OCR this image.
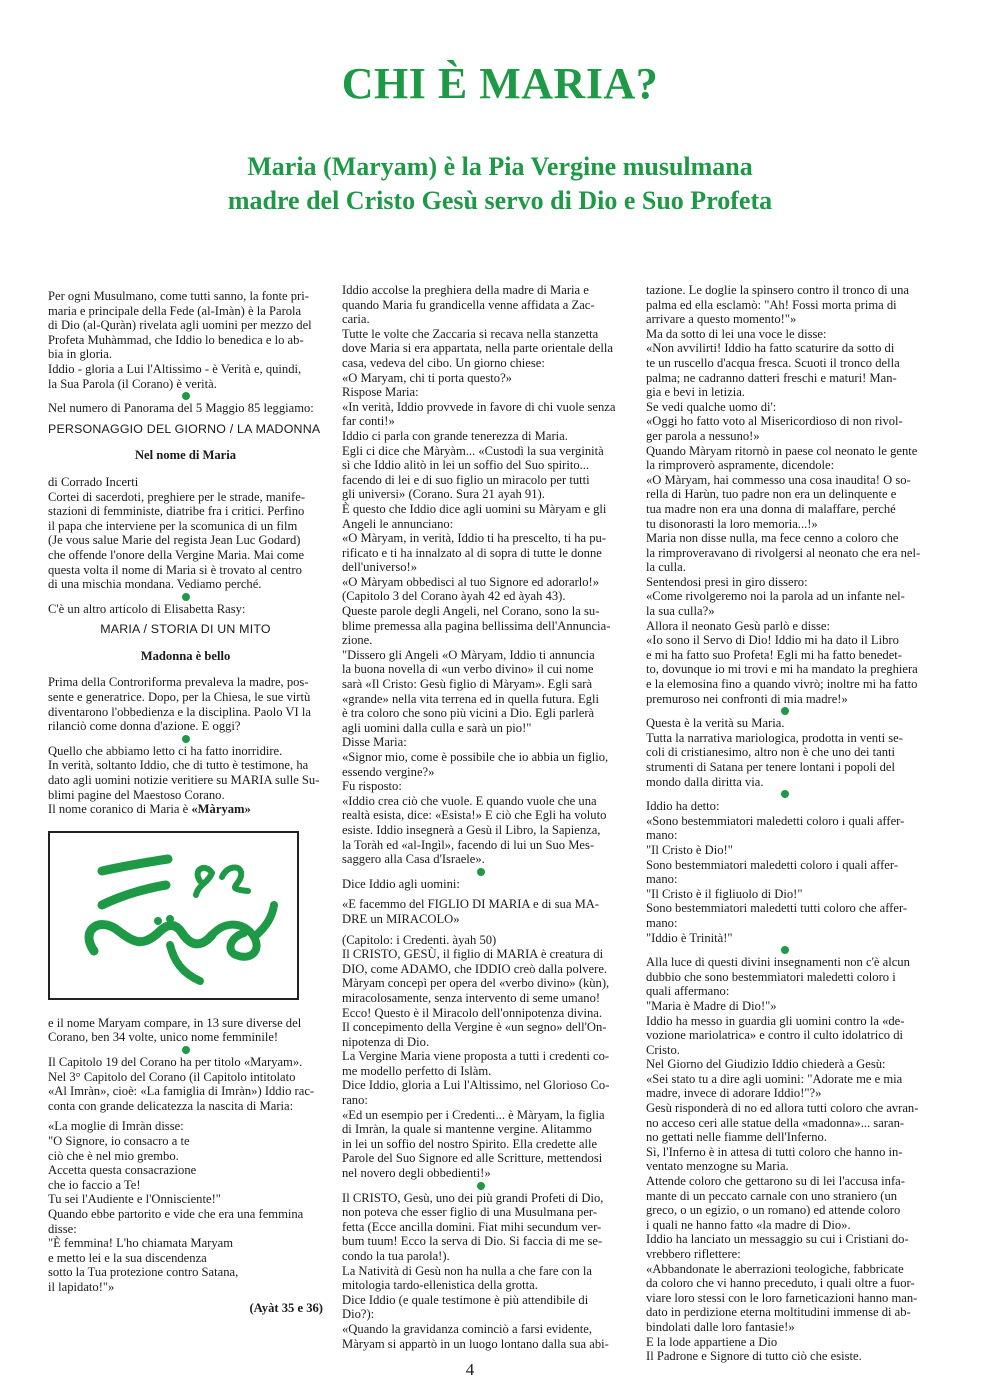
CHI È MARIA?
Maria (Maryam) è la Pia Vergine musulmana
madre del Cristo Gesù servo di Dio e Suo Profeta

Per ogni Musulmano, come tutti sanno, la fonte pri-
maria e principale della Fede (al-Imàn) è la Parola
di Dio (al-Quràn) rivelata agli uomini per mezzo del
Profeta Muhàmmad, che Iddio lo benedica e lo ab-
bia in gloria.
Iddio - gloria a Lui l'Altissimo - è Verità e, quindi,
la Sua Parola (il Corano) è verità.

Nel numero di Panorama del 5 Maggio 85 leggiamo:

PERSONAGGIO DEL GIORNO / LA MADONNA

Nel nome di Maria

di Corrado Incerti
Cortei di sacerdoti, preghiere per le strade, manife-
stazioni di femministe, diatribe fra i critici. Perfino
il papa che interviene per la scomunica di un film
(Je vous salue Marie del regista Jean Luc Godard)
che offende l'onore della Vergine Maria. Mai come
questa volta il nome di Maria si è trovato al centro
di una mischia mondana. Vediamo perché.

C'è un altro articolo di Elisabetta Rasy:

MARIA / STORIA DI UN MITO

Madonna è bello

Prima della Controriforma prevaleva la madre, pos-
sente e generatrice. Dopo, per la Chiesa, le sue virtù
diventarono l'obbedienza e la disciplina. Paolo VI la
rilanciò come donna d'azione. E oggi?

Quello che abbiamo letto ci ha fatto inorridire.
In verità, soltanto Iddio, che di tutto è testimone, ha
dato agli uomini notizie veritiere su MARIA sulle Su-
blimi pagine del Maestoso Corano.

Il nome coranico di Maria è «Màryam»

e il nome Maryam compare, in 13 sure diverse del
Corano, ben 34 volte, unico nome femminile!

Il Capitolo 19 del Corano ha per titolo «Maryam».
Nel 3° Capitolo del Corano (il Capitolo intitolato
«Al Imràn», cioè: «La famiglia di Imràn») Iddio rac-
conta con grande delicatezza la nascita di Maria:

«La moglie di Imràn disse:
"O Signore, io consacro a te
ciò che è nel mio grembo.
Accetta questa consacrazione
che io faccio a Te!
Tu sei l'Audiente e l'Onnisciente!"
Quando ebbe partorito e vide che era una femmina
disse:
"È femmina! L'ho chiamata Maryam
e metto lei e la sua discendenza
sotto la Tua protezione contro Satana,
il lapidato!"»

(Ayàt 35 e 36)

Iddio accolse la preghiera della madre di Maria e
quando Maria fu grandicella venne affidata a Zac-
caria.
Tutte le volte che Zaccaria si recava nella stanzetta
dove Maria si era appartata, nella parte orientale della
casa, vedeva del cibo. Un giorno chiese:
«O Maryam, chi ti porta questo?»
Rispose Maria:
«In verità, Iddio provvede in favore di chi vuole senza
far conti!»
Iddio ci parla con grande tenerezza di Maria.
Egli ci dice che Màryàm... «Custodì la sua verginità
sì che Iddio alitò in lei un soffio del Suo spirito...
facendo di lei e di suo figlio un miracolo per tutti
gli universi» (Corano. Sura 21 ayah 91).
È questo che Iddio dice agli uomini su Màryam e gli
Angeli le annunciano:
«O Màryam, in verità, Iddio ti ha prescelto, ti ha pu-
rificato e ti ha innalzato al di sopra di tutte le donne
dell'universo!»
«O Màryam obbedisci al tuo Signore ed adorarlo!»
(Capitolo 3 del Corano àyah 42 ed àyah 43).
Queste parole degli Angeli, nel Corano, sono la su-
blime premessa alla pagina bellissima dell'Annuncia-
zione.
"Dissero gli Angeli «O Màryam, Iddio ti annuncia
la buona novella di «un verbo divino» il cui nome
sarà «Il Cristo: Gesù figlio di Màryam». Egli sarà
«grande» nella vita terrena ed in quella futura. Egli
è tra coloro che sono più vicini a Dio. Egli parlerà
agli uomini dalla culla e sarà un pio!"
Disse Maria:
«Signor mio, come è possibile che io abbia un figlio,
essendo vergine?»
Fu risposto:
«Iddio crea ciò che vuole. E quando vuole che una
realtà esista, dice: «Esista!» E ciò che Egli ha voluto
esiste. Iddio insegnerà a Gesù il Libro, la Sapienza,
la Toràh ed «al-Ingìl», facendo di lui un Suo Mes-
saggero alla Casa d'Israele».

Dice Iddio agli uomini:

«E facemmo del FIGLIO DI MARIA e di sua MA-
DRE un MIRACOLO»

(Capitolo: i Credenti. àyah 50)
Il CRISTO, GESÙ, il figlio di MARIA è creatura di
DIO, come ADAMO, che IDDIO creò dalla polvere.
Màryam concepì per opera del «verbo divino» (kùn),
miracolosamente, senza intervento di seme umano!
Ecco! Questo è il Miracolo dell'onnipotenza divina.
Il concepimento della Vergine è «un segno» dell'On-
nipotenza di Dio.
La Vergine Maria viene proposta a tutti i credenti co-
me modello perfetto di Islàm.
Dice Iddio, gloria a Lui l'Altissimo, nel Glorioso Co-
rano:
«Ed un esempio per i Credenti... è Màryam, la figlia
di Imràn, la quale si mantenne vergine. Alitammo
in lei un soffio del nostro Spirito. Ella credette alle
Parole del Suo Signore ed alle Scritture, mettendosi
nel novero degli obbedienti!»

Il CRISTO, Gesù, uno dei più grandi Profeti di Dio,
non poteva che esser figlio di una Musulmana per-
fetta (Ecce ancilla domini. Fiat mihi secundum ver-
bum tuum! Ecco la serva di Dio. Si faccia di me se-
condo la tua parola!).
La Natività di Gesù non ha nulla a che fare con la
mitologia tardo-ellenistica della grotta.
Dice Iddio (e quale testimone è più attendibile di
Dio?):
«Quando la gravidanza cominciò a farsi evidente,
Màryam si appartò in un luogo lontano dalla sua abi-

tazione. Le doglie la spinsero contro il tronco di una
palma ed ella esclamò: "Ah! Fossi morta prima di
arrivare a questo momento!"»
Ma da sotto di lei una voce le disse:
«Non avvilirti! Iddio ha fatto scaturire da sotto di
te un ruscello d'acqua fresca. Scuoti il tronco della
palma; ne cadranno datteri freschi e maturi! Man-
gia e bevi in letizia.
Se vedi qualche uomo di':
«Oggi ho fatto voto al Misericordioso di non rivol-
ger parola a nessuno!»
Quando Màryam ritornò in paese col neonato le gente
la rimproverò aspramente, dicendole:
«O Màryam, hai commesso una cosa inaudita! O so-
rella di Harùn, tuo padre non era un delinquente e
tua madre non era una donna di malaffare, perché
tu disonorasti la loro memoria...!»
Maria non disse nulla, ma fece cenno a coloro che
la rimproveravano di rivolgersi al neonato che era nel-
la culla.
Sentendosi presi in giro dissero:
«Come rivolgeremo noi la parola ad un infante nel-
la sua culla?»
Allora il neonato Gesù parlò e disse:
«Io sono il Servo di Dio! Iddio mi ha dato il Libro
e mi ha fatto suo Profeta! Egli mi ha fatto benedet-
to, dovunque io mi trovi e mi ha mandato la preghiera
e la elemosina fino a quando vivrò; inoltre mi ha fatto
premuroso nei confronti di mia madre!»

Questa è la verità su Maria.
Tutta la narrativa mariologica, prodotta in venti se-
coli di cristianesimo, altro non è che uno dei tanti
strumenti di Satana per tenere lontani i popoli del
mondo dalla diritta via.

Iddio ha detto:
«Sono bestemmiatori maledetti coloro i quali affer-
mano:
"Il Cristo è Dio!"
Sono bestemmiatori maledetti coloro i quali affer-
mano:
"Il Cristo è il figliuolo di Dio!"
Sono bestemmiatori maledetti tutti coloro che affer-
mano:
"Iddio è Trinità!"

Alla luce di questi divini insegnamenti non c'è alcun
dubbio che sono bestemmiatori maledetti coloro i
quali affermano:
"Maria è Madre di Dio!"»
Iddio ha messo in guardia gli uomini contro la «de-
vozione mariolatrica» e contro il culto idolatrico di
Cristo.
Nel Giorno del Giudizio Iddio chiederà a Gesù:
«Sei stato tu a dire agli uomini: "Adorate me e mia
madre, invece di adorare Iddio!"?»
Gesù risponderà di no ed allora tutti coloro che avran-
no acceso ceri alle statue della «madonna»... saran-
no gettati nelle fiamme dell'Inferno.
Sì, l'Inferno è in attesa di tutti coloro che hanno in-
ventato menzogne su Maria.
Attende coloro che gettarono su di lei l'accusa infa-
mante di un peccato carnale con uno straniero (un
greco, o un egizio, o un romano) ed attende coloro
i quali ne hanno fatto «la madre di Dio».
Iddio ha lanciato un messaggio su cui i Cristiani do-
vrebbero riflettere:
«Abbandonate le aberrazioni teologiche, fabbricate
da coloro che vi hanno preceduto, i quali oltre a fuor-
viare loro stessi con le loro farneticazioni hanno man-
dato in perdizione eterna moltitudini immense di ab-
bindolati dalle loro fantasie!»
E la lode appartiene a Dio
Il Padrone e Signore di tutto ciò che esiste.

4
